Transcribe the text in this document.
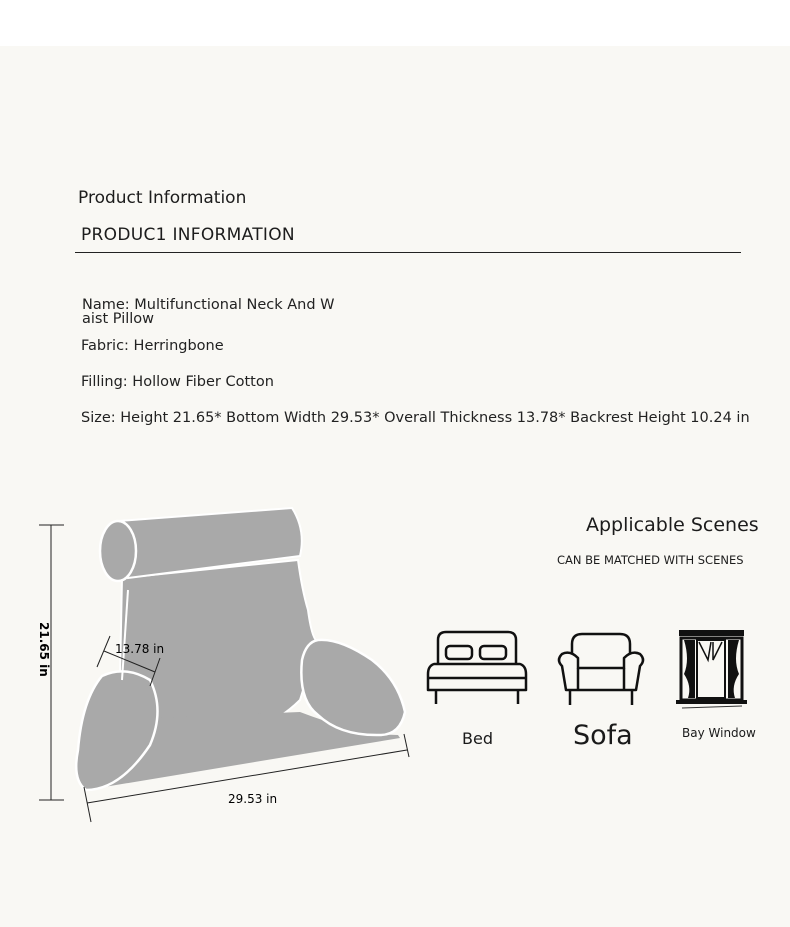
Product Information
PRODUC1 INFORMATION
Name: Multifunctional Neck And W
aist Pillow
Fabric: Herringbone
Filling: Hollow Fiber Cotton
Size: Height 21.65* Bottom Width 29.53* Overall Thickness 13.78* Backrest Height 10.24 in
21.65 in	13.78 in
29.53 in
Applicable Scenes
CAN BE MATCHED WITH SCENES
Bed	Sofa	Bay Window
